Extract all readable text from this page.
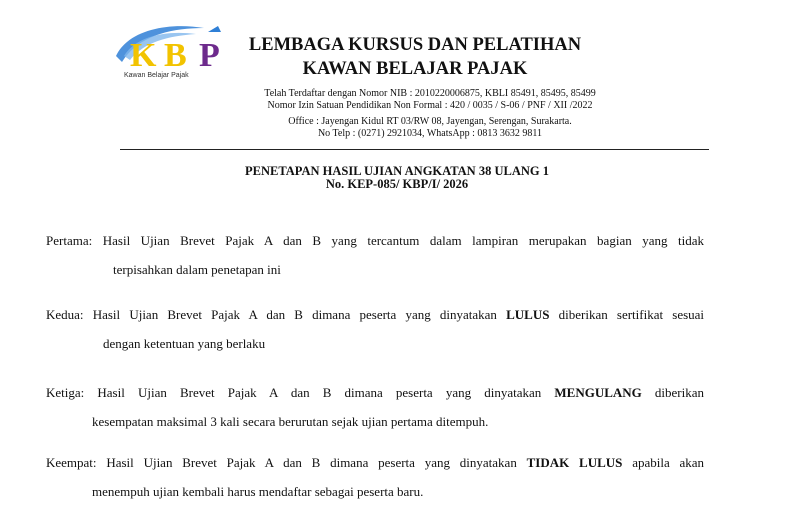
K B P
Kawan Belajar Pajak
LEMBAGA KURSUS DAN PELATIHAN
KAWAN BELAJAR PAJAK
Telah Terdaftar dengan Nomor NIB : 2010220006875, KBLI 85491, 85495, 85499
Nomor Izin Satuan Pendidikan Non Formal : 420 / 0035 / S-06 / PNF / XII /2022
Office : Jayengan Kidul RT 03/RW 08, Jayengan, Serengan, Surakarta.
No Telp : (0271) 2921034, WhatsApp : 0813 3632 9811
PENETAPAN HASIL UJIAN ANGKATAN 38 ULANG 1
No. KEP-085/ KBP/I/ 2026
Pertama: Hasil Ujian Brevet Pajak A dan B yang tercantum dalam lampiran merupakan bagian yang tidak
terpisahkan dalam penetapan ini
Kedua: Hasil Ujian Brevet Pajak A dan B dimana peserta yang dinyatakan LULUS diberikan sertifikat sesuai
dengan ketentuan yang berlaku
Ketiga: Hasil Ujian Brevet Pajak A dan B dimana peserta yang dinyatakan MENGULANG diberikan
kesempatan maksimal 3 kali secara berurutan sejak ujian pertama ditempuh.
Keempat: Hasil Ujian Brevet Pajak A dan B dimana peserta yang dinyatakan TIDAK LULUS apabila akan
menempuh ujian kembali harus mendaftar sebagai peserta baru.
